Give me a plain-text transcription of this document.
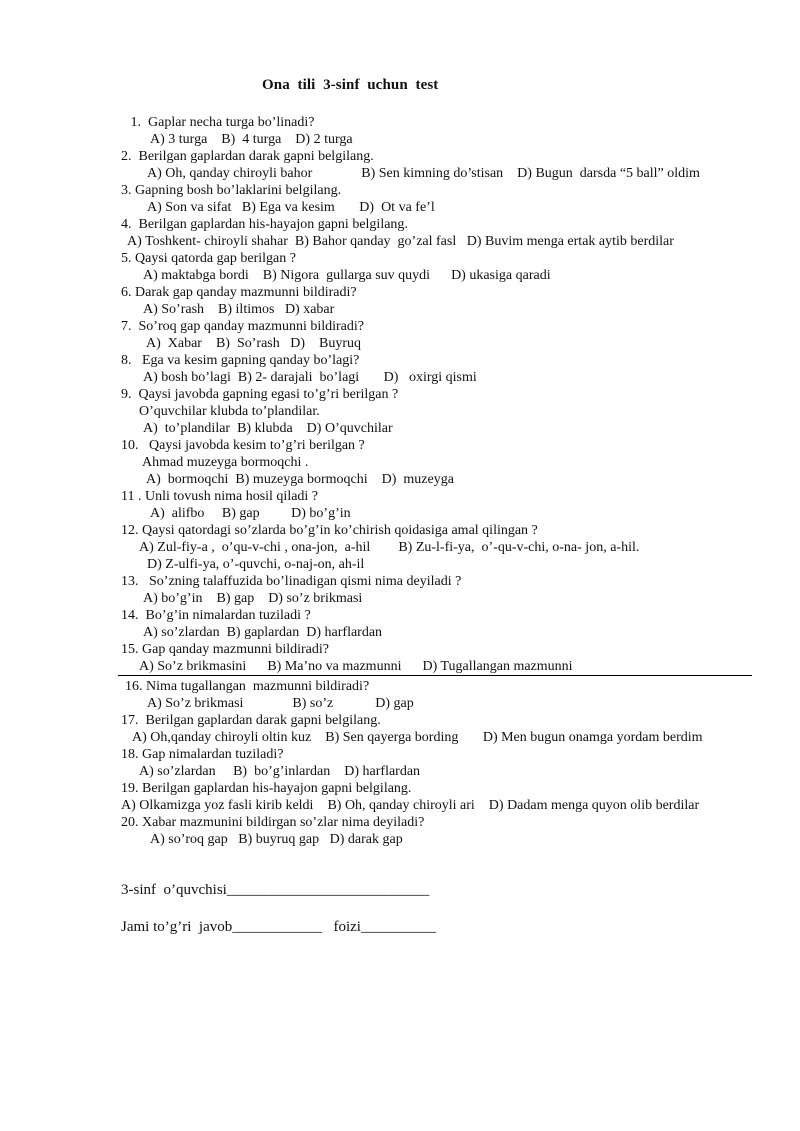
Ona  tili  3-sinf  uchun  test
1.  Gaplar necha turga bo’linadi?
A) 3 turga    B)  4 turga    D) 2 turga
2.  Berilgan gaplardan darak gapni belgilang.
A) Oh, qanday chiroyli bahor              B) Sen kimning do’stisan    D) Bugun  darsda “5 ball” oldim
3. Gapning bosh bo’laklarini belgilang.
A) Son va sifat   B) Ega va kesim       D)  Ot va fe’l
4.  Berilgan gaplardan his-hayajon gapni belgilang.
A) Toshkent- chiroyli shahar  B) Bahor qanday  go’zal fasl   D) Buvim menga ertak aytib berdilar
5. Qaysi qatorda gap berilgan ?
A) maktabga bordi    B) Nigora  gullarga suv quydi      D) ukasiga qaradi
6. Darak gap qanday mazmunni bildiradi?
A) So’rash    B) iltimos   D) xabar
7.  So’roq gap qanday mazmunni bildiradi?
A)  Xabar    B)  So’rash   D)    Buyruq
8.   Ega va kesim gapning qanday bo’lagi?
A) bosh bo’lagi  B) 2- darajali  bo’lagi       D)   oxirgi qismi
9.  Qaysi javobda gapning egasi to’g’ri berilgan ?
O’quvchilar klubda to’plandilar.
A)  to’plandilar  B) klubda    D) O’quvchilar
10.   Qaysi javobda kesim to’g’ri berilgan ?
Ahmad muzeyga bormoqchi .
A)  bormoqchi  B) muzeyga bormoqchi    D)  muzeyga
11 . Unli tovush nima hosil qiladi ?
A)  alifbo     B) gap         D) bo’g’in
12. Qaysi qatordagi so’zlarda bo’g’in ko’chirish qoidasiga amal qilingan ?
A) Zul-fiy-a ,  o’qu-v-chi , ona-jon,  a-hil        B) Zu-l-fi-ya,  o’-qu-v-chi, o-na- jon, a-hil.
D) Z-ulfi-ya, o’-quvchi, o-naj-on, ah-il
13.   So’zning talaffuzida bo’linadigan qismi nima deyiladi ?
A) bo’g’in    B) gap    D) so’z brikmasi
14.  Bo’g’in nimalardan tuziladi ?
A) so’zlardan  B) gaplardan  D) harflardan
15. Gap qanday mazmunni bildiradi?
A) So’z brikmasini      B) Ma’no va mazmunni      D) Tugallangan mazmunni
16. Nima tugallangan  mazmunni bildiradi?
A) So’z brikmasi              B) so’z            D) gap
17.  Berilgan gaplardan darak gapni belgilang.
A) Oh,qanday chiroyli oltin kuz    B) Sen qayerga bording       D) Men bugun onamga yordam berdim
18. Gap nimalardan tuziladi?
A) so’zlardan     B)  bo’g’inlardan    D) harflardan
19. Berilgan gaplardan his-hayajon gapni belgilang.
A) Olkamizga yoz fasli kirib keldi    B) Oh, qanday chiroyli ari    D) Dadam menga quyon olib berdilar
20. Xabar mazmunini bildirgan so’zlar nima deyiladi?
A) so’roq gap   B) buyruq gap   D) darak gap
3-sinf  o’quvchisi___________________________
Jami to’g’ri  javob____________   foizi__________
